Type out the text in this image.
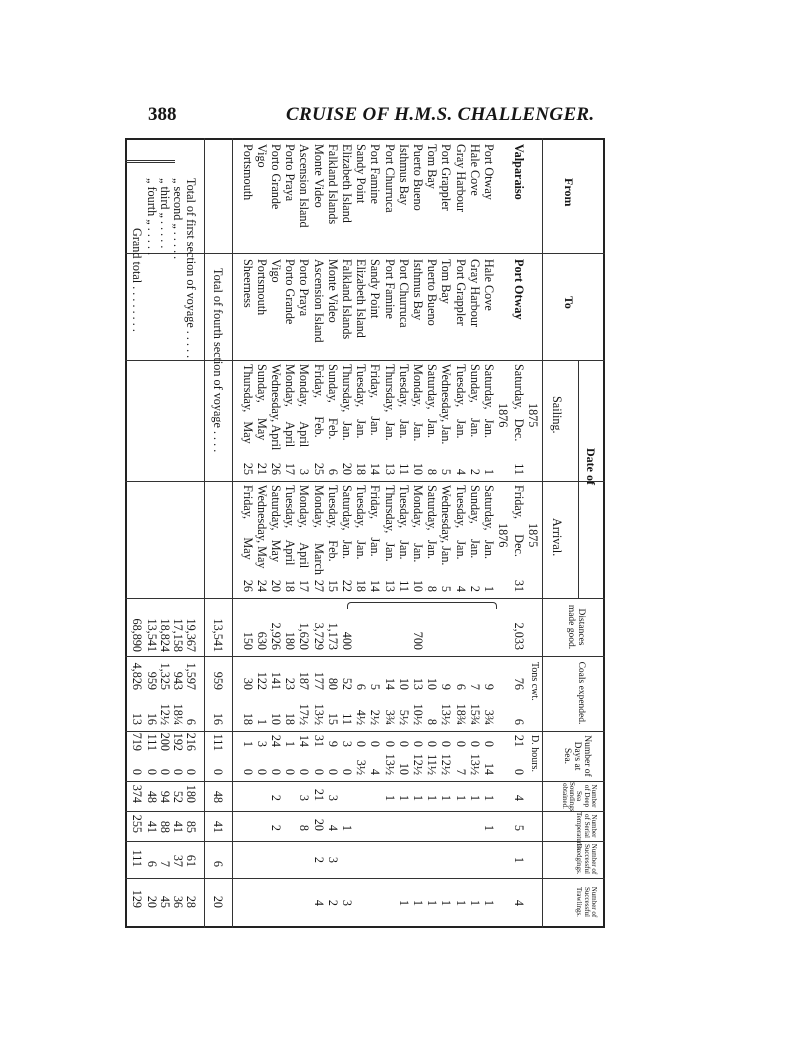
388	CRUISE OF H.M.S. CHALLENGER.
From
To
Date of
Sailing.
Arrival.
Distances made good.
Coals expended.
Number of Days at Sea.
Number of Deep Sea Soundings obtained.
Number of Serial Temperatures.
Number of Successful Dredgings.
Number of Successful Trawlings.
Tons cwt.
D. hours.
1875
1875
1876
1876
Valparaiso
Port Otway
Saturday,   Dec.
11
Friday,     Dec.
31
2,033
76
6
21
0
4
5
1
4
Port Otway
Hale Cove
Saturday,   Jan.
1
Saturday,   Jan.
1
9
3¾
0
14
1
1
1
Hale Cove
Gray Harbour
Sunday,     Jan.
2
Sunday,     Jan.
2
7
15¾
0
13½
1
1
Gray Harbour
Port Grappler
Tuesday,    Jan.
4
Tuesday,    Jan.
4
6
18¾
0
7
1
1
Port Grappler
Tom Bay
Wednesday, Jan.
5
Wednesday, Jan.
5
9
13½
0
12½
1
1
Tom Bay
Puerto Bueno
Saturday,   Jan.
8
Saturday,   Jan.
8
10
8
0
11½
1
1
Puerto Bueno
Isthmus Bay
Monday,     Jan.
10
Monday,     Jan.
10
700
13
10½
0
12½
1
1
Isthmus Bay
Port Churruca
Tuesday,    Jan.
11
Tuesday,    Jan.
11
10
5½
0
10
1
1
Port Churruca
Port Famine
Thursday,   Jan.
13
Thursday,   Jan.
13
14
3¾
0
13½
1
Port Famine
Sandy Point
Friday,      Jan.
14
Friday,      Jan.
14
5
2½
0
4
Sandy Point
Elizabeth Island
Tuesday,    Jan.
18
Tuesday,    Jan.
18
6
4½
0
3½
Elizabeth Island
Falkland Islands
Thursday,   Jan.
20
Saturday,   Jan.
22
400
52
11
3
0
1
3
Falkland Islands
Monte Video
Sunday,     Feb.
6
Tuesday,    Feb.
15
1,173
80
15
9
0
3
4
3
2
Monte Video
Ascension Island
Friday,      Feb.
25
Monday,     March
27
3,729
177
13½
31
0
21
20
2
4
Ascension Island
Porto Praya
Monday,     April
3
Monday,     April
17
1,620
187
17½
14
0
3
8
Porto Praya
Porto Grande
Monday,     April
17
Tuesday,    April
18
180
23
18
1
0
Porto Grande
Vigo
Wednesday, April
26
Saturday,   May
20
2,926
141
10
24
0
2
2
Vigo
Portsmouth
Sunday,     May
21
Wednesday, May
24
630
122
1
3
0
Portsmouth
Sheerness
Thursday,   May
25
Friday,      May
26
150
30
18
1
0
Total of fourth section of voyage . . . .
13,541
959
16
111
0
48
41
6
20
Total of first section of voyage . . . . .
19,367
1,597
6
216
0
180
85
61
28
„ second „ . . . . .
17,158
943
18¼
192
0
52
41
37
36
„ third „ . . . . .
18,824
1,325
12½
200
0
94
88
7
45
„ fourth „ . . . . .
13,541
959
16
111
0
48
41
6
20
Grand total . . . . . . . .
68,890
4,826
13
719
0
374
255
111
129
